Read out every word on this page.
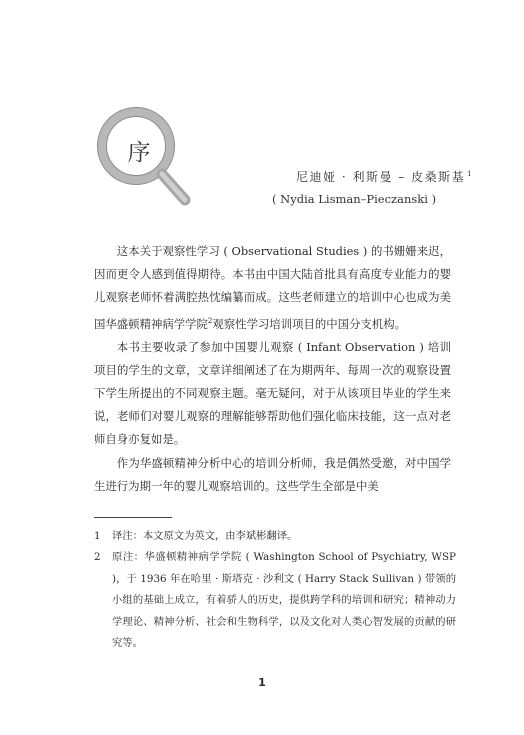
序
尼迪娅 · 利斯曼 – 皮桑斯基 $^1$
( Nydia Lisman–Pieczanski )

这本关于观察性学习 ( Observational Studies ) 的书姗姗来迟，因而更令人感到值得期待。本书由中国大陆首批具有高度专业能力的婴儿观察老师怀着满腔热忱编纂而成。这些老师建立的培训中心也成为美国华盛顿精神病学学院$^2$观察性学习培训项目的中国分支机构。

本书主要收录了参加中国婴儿观察 ( Infant Observation ) 培训项目的学生的文章，文章详细阐述了在为期两年、每周一次的观察设置下学生所提出的不同观察主题。毫无疑问，对于从该项目毕业的学生来说，老师们对婴儿观察的理解能够帮助他们强化临床技能，这一点对老师自身亦复如是。

作为华盛顿精神分析中心的培训分析师，我是偶然受邀，对中国学生进行为期一年的婴儿观察培训的。这些学生全部是中美

1	译注：本文原文为英文，由李斌彬翻译。
2	原注：华盛顿精神病学学院 ( Washington School of Psychiatry, WSP )，于 1936 年在哈里 · 斯塔克 · 沙利文 ( Harry Stack Sullivan ) 带领的小组的基础上成立，有着骄人的历史，提供跨学科的培训和研究；精神动力学理论、精神分析、社会和生物科学，以及文化对人类心智发展的贡献的研究等。
1
